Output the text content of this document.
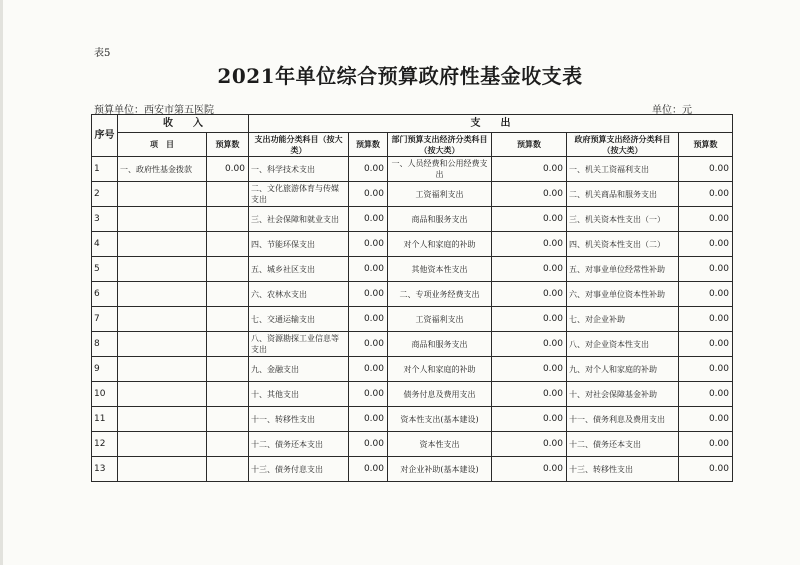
表5
2021年单位综合预算政府性基金收支表
预算单位：西安市第五医院	单位：元
序号	收　　入		支　　出					
	项　目	预算数	支出功能分类科目（按大类）	预算数	部门预算支出经济分类科目（按大类）	预算数	政府预算支出经济分类科目（按大类）	预算数
1	一、政府性基金拨款	0.00	一、科学技术支出	0.00	一、人员经费和公用经费支出	0.00	一、机关工资福利支出	0.00
2			二、文化旅游体育与传媒支出	0.00	工资福利支出	0.00	二、机关商品和服务支出	0.00
3			三、社会保障和就业支出	0.00	商品和服务支出	0.00	三、机关资本性支出（一）	0.00
4			四、节能环保支出	0.00	对个人和家庭的补助	0.00	四、机关资本性支出（二）	0.00
5			五、城乡社区支出	0.00	其他资本性支出	0.00	五、对事业单位经常性补助	0.00
6			六、农林水支出	0.00	二、专项业务经费支出	0.00	六、对事业单位资本性补助	0.00
7			七、交通运输支出	0.00	工资福利支出	0.00	七、对企业补助	0.00
8			八、资源勘探工业信息等支出	0.00	商品和服务支出	0.00	八、对企业资本性支出	0.00
9			九、金融支出	0.00	对个人和家庭的补助	0.00	九、对个人和家庭的补助	0.00
10			十、其他支出	0.00	债务付息及费用支出	0.00	十、对社会保障基金补助	0.00
11			十一、转移性支出	0.00	资本性支出(基本建设)	0.00	十一、债务利息及费用支出	0.00
12			十二、债务还本支出	0.00	资本性支出	0.00	十二、债务还本支出	0.00
13			十三、债务付息支出	0.00	对企业补助(基本建设)	0.00	十三、转移性支出	0.00
